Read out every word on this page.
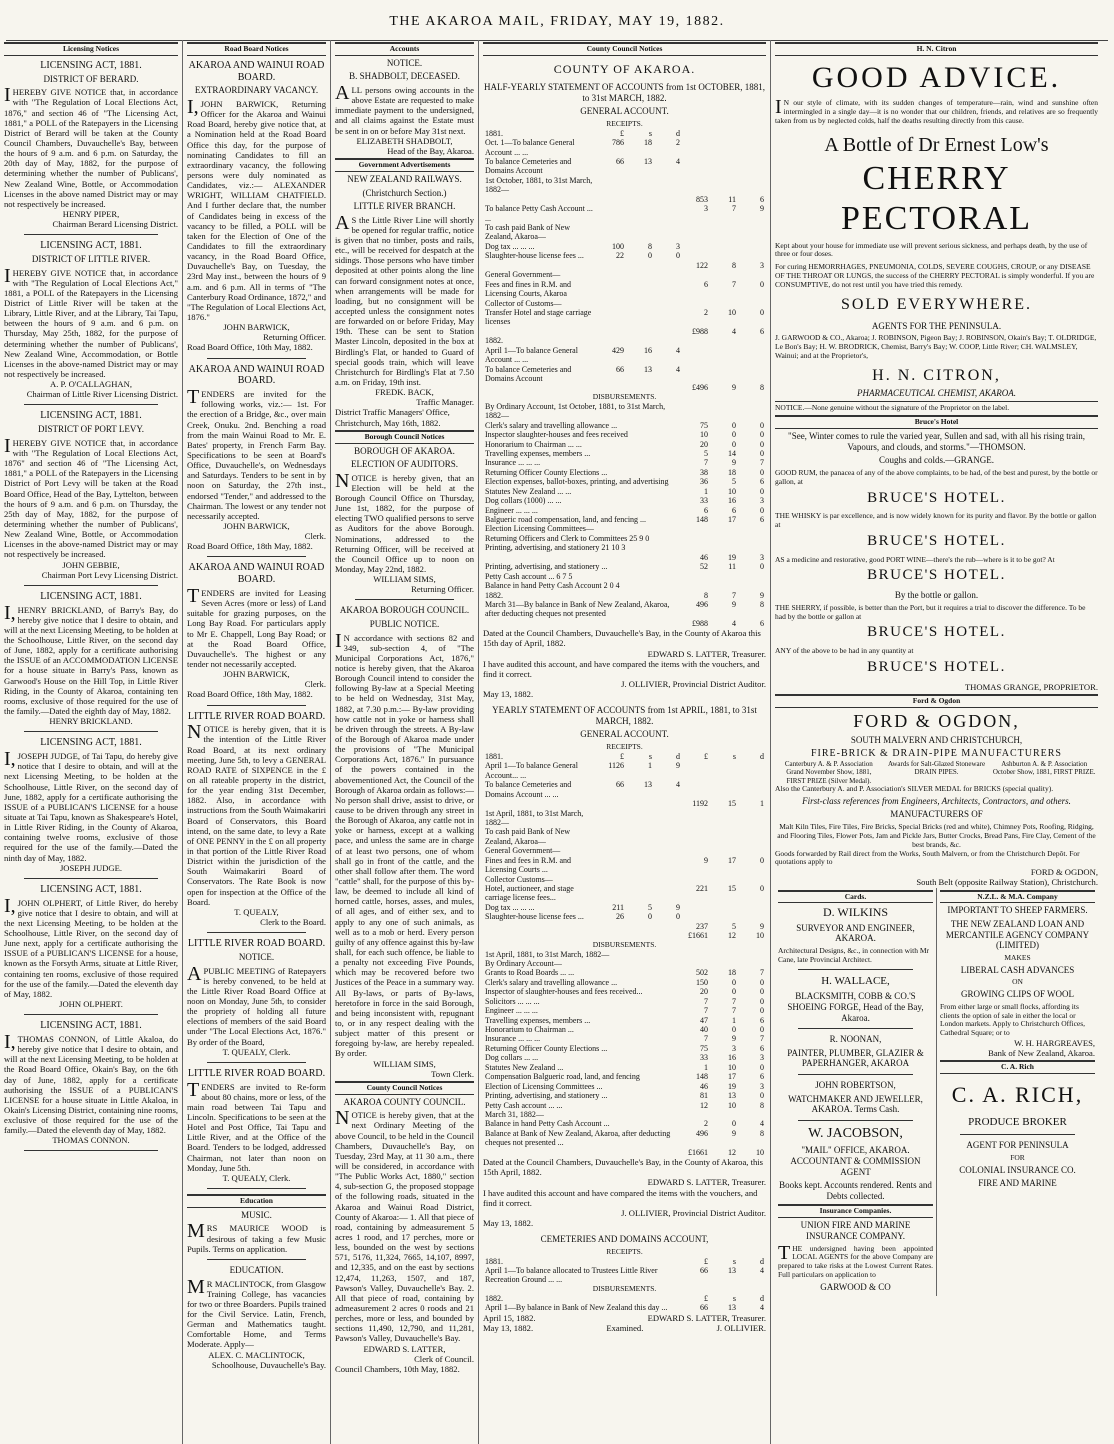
THE AKAROA MAIL, FRIDAY, MAY 19, 1882.
Licensing Notices
LICENSING ACT, 1881.
DISTRICT OF BERARD.
IHEREBY GIVE NOTICE that, in accordance with "The Regulation of Local Elections Act, 1876," and section 46 of "The Licensing Act, 1881," a POLL of the Ratepayers in the Licensing District of Berard will be taken at the County Council Chambers, Duvauchelle's Bay, between the hours of 9 a.m. and 6 p.m. on Saturday, the 20th day of May, 1882, for the purpose of determining whether the number of Publicans', New Zealand Wine, Bottle, or Accommodation Licenses in the above named District may or may not respectively be increased.
HENRY PIPER,
Chairman Berard Licensing District.
LICENSING ACT, 1881.
DISTRICT OF LITTLE RIVER.
IHEREBY GIVE NOTICE that, in accordance with "The Regulation of Local Elections Act," 1881, a POLL of the Ratepayers in the Licensing District of Little River will be taken at the Library, Little River, and at the Library, Tai Tapu, between the hours of 9 a.m. and 6 p.m. on Thursday, May 25th, 1882, for the purpose of determining whether the number of Publicans', New Zealand Wine, Accommodation, or Bottle Licenses in the above-named District may or may not respectively be increased.
A. P. O'CALLAGHAN,
Chairman of Little River Licensing District.
LICENSING ACT, 1881.
DISTRICT OF PORT LEVY.
IHEREBY GIVE NOTICE that, in accordance with "The Regulation of Local Elections Act, 1876" and section 46 of "The Licensing Act, 1881," a POLL of the Ratepayers in the Licensing District of Port Levy will be taken at the Road Board Office, Head of the Bay, Lyttelton, between the hours of 9 a.m. and 6 p.m. on Thursday, the 25th day of May, 1882, for the purpose of determining whether the number of Publicans', New Zealand Wine, Bottle, or Accommodation Licenses in the above-named District may or may not respectively be increased.
JOHN GEBBIE,
Chairman Port Levy Licensing District.
LICENSING ACT, 1881.
I,HENRY BRICKLAND, of Barry's Bay, do hereby give notice that I desire to obtain, and will at the next Licensing Meeting, to be holden at the Schoolhouse, Little River, on the second day of June, 1882, apply for a certificate authorising the ISSUE of an ACCOMMODATION LICENSE for a house situate in Barry's Pass, known as Garwood's House on the Hill Top, in Little River Riding, in the County of Akaroa, containing ten rooms, exclusive of those required for the use of the family.—Dated the eighth day of May, 1882.
HENRY BRICKLAND.
LICENSING ACT, 1881.
I,JOSEPH JUDGE, of Tai Tapu, do hereby give notice that I desire to obtain, and will at the next Licensing Meeting, to be holden at the Schoolhouse, Little River, on the second day of June, 1882, apply for a certificate authorising the ISSUE of a PUBLICAN'S LICENSE for a house situate at Tai Tapu, known as Shakespeare's Hotel, in Little River Riding, in the County of Akaroa, containing twelve rooms, exclusive of those required for the use of the family.—Dated the ninth day of May, 1882.
JOSEPH JUDGE.
LICENSING ACT, 1881.
I,JOHN OLPHERT, of Little River, do hereby give notice that I desire to obtain, and will at the next Licensing Meeting, to be holden at the Schoolhouse, Little River, on the second day of June next, apply for a certificate authorising the ISSUE of a PUBLICAN'S LICENSE for a house, known as the Forsyth Arms, situate at Little River, containing ten rooms, exclusive of those required for the use of the family.—Dated the eleventh day of May, 1882.
JOHN OLPHERT.
LICENSING ACT, 1881.
I,THOMAS CONNON, of Little Akaloa, do hereby give notice that I desire to obtain, and will at the next Licensing Meeting, to be holden at the Road Board Office, Okain's Bay, on the 6th day of June, 1882, apply for a certificate authorising the ISSUE of a PUBLICAN'S LICENSE for a house situate in Little Akaloa, in Okain's Licensing District, containing nine rooms, exclusive of those required for the use of the family.—Dated the eleventh day of May, 1882.
THOMAS CONNON.
Road Board Notices
AKAROA AND WAINUI ROAD BOARD.
EXTRAORDINARY VACANCY.
I,JOHN BARWICK, Returning Officer for the Akaroa and Wainui Road Board, hereby give notice that, at a Nomination held at the Road Board Office this day, for the purpose of nominating Candidates to fill an extraordinary vacancy, the following persons were duly nominated as Candidates, viz.:— ALEXANDER WRIGHT, WILLIAM CHATFIELD. And I further declare that, the number of Candidates being in excess of the vacancy to be filled, a POLL will be taken for the Election of One of the Candidates to fill the extraordinary vacancy, in the Road Board Office, Duvauchelle's Bay, on Tuesday, the 23rd May inst., between the hours of 9 a.m. and 6 p.m. All in terms of "The Canterbury Road Ordinance, 1872," and "The Regulation of Local Elections Act, 1876."
JOHN BARWICK,
Returning Officer.
Road Board Office, 10th May, 1882.
AKAROA AND WAINUI ROAD BOARD.
TENDERS are invited for the following works, viz.:— 1st. For the erection of a Bridge, &c., over main Creek, Onuku. 2nd. Benching a road from the main Wainui Road to Mr. E. Bates' property, in French Farm Bay. Specifications to be seen at Board's Office, Duvauchelle's, on Wednesdays and Saturdays. Tenders to be sent in by noon on Saturday, the 27th inst., endorsed "Tender," and addressed to the Chairman. The lowest or any tender not necessarily accepted.
JOHN BARWICK,
Clerk.
Road Board Office, 18th May, 1882.
AKAROA AND WAINUI ROAD BOARD.
TENDERS are invited for Leasing Seven Acres (more or less) of Land suitable for grazing purposes, on the Long Bay Road. For particulars apply to Mr E. Chappell, Long Bay Road; or at the Road Board Office, Duvauchelle's. The highest or any tender not necessarily accepted.
JOHN BARWICK,
Clerk.
Road Board Office, 18th May, 1882.
LITTLE RIVER ROAD BOARD.
NOTICE is hereby given, that it is the intention of the Little River Road Board, at its next ordinary meeting, June 5th, to levy a GENERAL ROAD RATE of SIXPENCE in the £ on all rateable property in the district, for the year ending 31st December, 1882. Also, in accordance with instructions from the South Waimakariri Board of Conservators, this Board intend, on the same date, to levy a Rate of ONE PENNY in the £ on all property in that portion of the Little River Road District within the jurisdiction of the South Waimakariri Board of Conservators. The Rate Book is now open for inspection at the Office of the Board.
T. QUEALY,
Clerk to the Board.
LITTLE RIVER ROAD BOARD.
NOTICE.
APUBLIC MEETING of Ratepayers is hereby convened, to be held at the Little River Road Board Office at noon on Monday, June 5th, to consider the propriety of holding all future elections of members of the said Board under "The Local Elections Act, 1876." By order of the Board,
T. QUEALY, Clerk.
LITTLE RIVER ROAD BOARD.
TENDERS are invited to Re-form about 80 chains, more or less, of the main road between Tai Tapu and Lincoln. Specifications to be seen at the Hotel and Post Office, Tai Tapu and Little River, and at the Office of the Board. Tenders to be lodged, addressed Chairman, not later than noon on Monday, June 5th.
T. QUEALY, Clerk.
Education
MUSIC.
MRS MAURICE WOOD is desirous of taking a few Music Pupils. Terms on application.
EDUCATION.
MR MACLINTOCK, from Glasgow Training College, has vacancies for two or three Boarders. Pupils trained for the Civil Service. Latin, French, German and Mathematics taught. Comfortable Home, and Terms Moderate. Apply—
ALEX. C. MACLINTOCK,
Schoolhouse, Duvauchelle's Bay.
Accounts
NOTICE.
B. SHADBOLT, DECEASED.
ALL persons owing accounts in the above Estate are requested to make immediate payment to the undersigned, and all claims against the Estate must be sent in on or before May 31st next.
ELIZABETH SHADBOLT,
Head of the Bay, Akaroa.
Government Advertisements
NEW ZEALAND RAILWAYS.
(Christchurch Section.)
LITTLE RIVER BRANCH.
AS the Little River Line will shortly be opened for regular traffic, notice is given that no timber, posts and rails, etc., will be received for despatch at the sidings. Those persons who have timber deposited at other points along the line can forward consignment notes at once, when arrangements will be made for loading, but no consignment will be accepted unless the consignment notes are forwarded on or before Friday, May 19th. These can be sent to Station Master Lincoln, deposited in the box at Birdling's Flat, or handed to Guard of special goods train, which will leave Christchurch for Birdling's Flat at 7.50 a.m. on Friday, 19th inst.
FREDK. BACK,
Traffic Manager.
District Traffic Managers' Office, Christchurch, May 16th, 1882.
Borough Council Notices
BOROUGH OF AKAROA.
ELECTION OF AUDITORS.
NOTICE is hereby given, that an Election will be held at the Borough Council Office on Thursday, June 1st, 1882, for the purpose of electing TWO qualified persons to serve as Auditors for the above Borough. Nominations, addressed to the Returning Officer, will be received at the Council Office up to noon on Monday, May 22nd, 1882.
WILLIAM SIMS,
Returning Officer.
AKAROA BOROUGH COUNCIL.
PUBLIC NOTICE.
IN accordance with sections 82 and 349, sub-section 4, of "The Municipal Corporations Act, 1876," notice is hereby given, that the Akaroa Borough Council intend to consider the following By-law at a Special Meeting to be held on Wednesday, 31st May, 1882, at 7.30 p.m.:— By-law providing how cattle not in yoke or harness shall be driven through the streets. A By-law of the Borough of Akaroa made under the provisions of "The Municipal Corporations Act, 1876." In pursuance of the powers contained in the abovementioned Act, the Council of the Borough of Akaroa ordain as follows:— No person shall drive, assist to drive, or cause to be driven through any street in the Borough of Akaroa, any cattle not in yoke or harness, except at a walking pace, and unless the same are in charge of at least two persons, one of whom shall go in front of the cattle, and the other shall follow after them. The word "cattle" shall, for the purpose of this by-law, be deemed to include all kind of horned cattle, horses, asses, and mules, of all ages, and of either sex, and to apply to any one of such animals, as well as to a mob or herd. Every person guilty of any offence against this by-law shall, for each such offence, be liable to a penalty not exceeding Five Pounds, which may be recovered before two Justices of the Peace in a summary way. All By-laws, or parts of By-laws, heretofore in force in the said Borough, and being inconsistent with, repugnant to, or in any respect dealing with the subject matter of this present or foregoing by-law, are hereby repealed. By order.
WILLIAM SIMS,
Town Clerk.
County Council Notices
AKAROA COUNTY COUNCIL.
NOTICE is hereby given, that at the next Ordinary Meeting of the above Council, to be held in the Council Chambers, Duvauchelle's Bay, on Tuesday, 23rd May, at 11 30 a.m., there will be considered, in accordance with "The Public Works Act, 1880," section 4, sub-section G, the proposed stoppage of the following roads, situated in the Akaroa and Wainui Road District, County of Akaroa:— 1. All that piece of road, containing by admeasurement 5 acres 1 rood, and 17 perches, more or less, bounded on the west by sections 571, 5176, 11,324, 7665, 14,107, 8997, and 12,335, and on the east by sections 12,474, 11,263, 1507, and 187, Pawson's Valley, Duvauchelle's Bay. 2. All that piece of road, containing by admeasurement 2 acres 0 roods and 21 perches, more or less, and bounded by sections 11,490, 12,790, and 11,281, Pawson's Valley, Duvauchelle's Bay.
EDWARD S. LATTER,
Clerk of Council.
Council Chambers, 10th May, 1882.
County Council Notices
COUNTY OF AKAROA.
HALF-YEARLY STATEMENT OF ACCOUNTS from 1st OCTOBER, 1881, to 31st MARCH, 1882.
GENERAL ACCOUNT.
RECEIPTS.
1881.	£	s	d			
Oct. 1—To balance General Account ... ...	786	18	2			
To balance Cemeteries and Domains Account	66	13	4			
1st October, 1881, to 31st March, 1882—						
				853	11	6
To balance Petty Cash Account ... ...				3	7	9
To cash paid Bank of New Zealand, Akaroa—						
Dog tax ... ... ...	100	8	3			
Slaughter-house license fees ...	22	0	0			
				122	8	3
General Government—						
Fees and fines in R.M. and Licensing Courts, Akaroa				6	7	0
Collector of Customs—						
Transfer Hotel and stage carriage licenses				2	10	0
				£988	4	6
1882.						
April 1—To balance General Account ... ...	429	16	4			
To balance Cemeteries and Domains Account	66	13	4			
				£496	9	8
DISBURSEMENTS.
By Ordinary Account, 1st October, 1881, to 31st March, 1882—			
Clerk's salary and travelling allowance ...	75	0	0
Inspector slaughter-houses and fees received	10	0	0
Honorarium to Chairman ... ...	20	0	0
Travelling expenses, members ...	5	14	0
Insurance ... ... ...	7	9	7
Returning Officer County Elections ...	38	18	0
Election expenses, ballot-boxes, printing, and advertising	36	5	6
Statutes New Zealand ... ...	1	10	0
Dog collars (1000) ... ...	33	16	3
Engineer ... ... ...	6	6	0
Balgueric road compensation, land, and fencing ...	148	17	6
Election Licensing Committees—			
Returning Officers and Clerk to Committees 25 9 0			
Printing, advertising, and stationery 21 10 3			
	46	19	3
Printing, advertising, and stationery ...	52	11	0
Petty Cash account ... 6 7 5			
Balance in hand Petty Cash Account 2 0 4			
1882.	8	7	9
March 31—By balance in Bank of New Zealand, Akaroa, after deducting cheques not presented	496	9	8
	£988	4	6
Dated at the Council Chambers, Duvauchelle's Bay, in the County of Akaroa this 15th day of April, 1882.
EDWARD S. LATTER, Treasurer.
I have audited this account, and have compared the items with the vouchers, and find it correct.
J. OLLIVIER, Provincial District Auditor.
May 13, 1882.
YEARLY STATEMENT OF ACCOUNTS from 1st APRIL, 1881, to 31st MARCH, 1882.
GENERAL ACCOUNT.
RECEIPTS.
1881.	£	s	d	£	s	d
April 1—To balance General Account... ...	1126	1	9			
To balance Cemeteries and Domains Account ... ...	66	13	4			
				1192	15	1
1st April, 1881, to 31st March, 1882—						
To cash paid Bank of New Zealand, Akaroa—						
General Government—						
Fines and fees in R.M. and Licensing Courts ...				9	17	0
Collector Customs—						
Hotel, auctioneer, and stage carriage license fees...				221	15	0
Dog tax ... ... ...	211	5	9			
Slaughter-house license fees ...	26	0	0			
				237	5	9
				£1661	12	10
DISBURSEMENTS.
1st April, 1881, to 31st March, 1882—			
By Ordinary Account—			
Grants to Road Boards ... ...	502	18	7
Clerk's salary and travelling allowance ...	150	0	0
Inspector of slaughter-houses and fees received...	20	0	0
Solicitors ... ... ...	7	7	0
Engineer ... ... ...	7	7	0
Travelling expenses, members ...	47	1	6
Honorarium to Chairman ...	40	0	0
Insurance ... ... ...	7	9	7
Returning Officer County Elections ...	75	3	6
Dog collars ... ...	33	16	3
Statutes New Zealand ...	1	10	0
Compensation Balgueric road, land, and fencing	148	17	6
Election of Licensing Committees ...	46	19	3
Printing, advertising, and stationery ...	81	13	0
Petty Cash account ... ...	12	10	8
March 31, 1882—			
Balance in hand Petty Cash Account ...	2	0	4
Balance at Bank of New Zealand, Akaroa, after deducting cheques not presented ...	496	9	8
	£1661	12	10
Dated at the Council Chambers, Duvauchelle's Bay, in the County of Akaroa, this 15th April, 1882.
EDWARD S. LATTER, Treasurer.
I have audited this account and have compared the items with the vouchers, and find it correct.
J. OLLIVIER, Provincial District Auditor.
May 13, 1882.
CEMETERIES AND DOMAINS ACCOUNT,
RECEIPTS.
1881.	£	s	d
April 1—To balance allocated to Trustees Little River Recreation Ground ... ...	66	13	4
DISBURSEMENTS.
1882.	£	s	d
April 1—By balance in Bank of New Zealand this day ...	66	13	4
April 15, 1882.	EDWARD S. LATTER, Treasurer.
May 13, 1882.	Examined.	J. OLLIVIER.
H. N. Citron
GOOD ADVICE.
IN our style of climate, with its sudden changes of temperature—rain, wind and sunshine often intermingled in a single day—it is no wonder that our children, friends, and relatives are so frequently taken from us by neglected colds, half the deaths resulting directly from this cause.
A Bottle of Dr Ernest Low's
CHERRY PECTORAL
Kept about your house for immediate use will prevent serious sickness, and perhaps death, by the use of three or four doses.
For curing HEMORRHAGES, PNEUMONIA, COLDS, SEVERE COUGHS, CROUP, or any DISEASE OF THE THROAT OR LUNGS, the success of the CHERRY PECTORAL is simply wonderful. If you are CONSUMPTIVE, do not rest until you have tried this remedy.
SOLD EVERYWHERE.
AGENTS FOR THE PENINSULA.
J. GARWOOD & CO., Akaroa; J. ROBINSON, Pigeon Bay; J. ROBINSON, Okain's Bay; T. OLDRIDGE, Le Bon's Bay; H. W. BRODRICK, Chemist, Barry's Bay; W. COOP, Little River; CH. WALMSLEY, Wainui; and at the Proprietor's,
H. N. CITRON,
PHARMACEUTICAL CHEMIST, AKAROA.
NOTICE.—None genuine without the signature of the Proprietor on the label.
Bruce's Hotel
"See, Winter comes to rule the varied year, Sullen and sad, with all his rising train, Vapours, and clouds, and storms."—THOMSON.
Coughs and colds.—GRANGE.
GOOD RUM, the panacea of any of the above complaints, to be had, of the best and purest, by the bottle or gallon, at
BRUCE'S HOTEL.
THE WHISKY is par excellence, and is now widely known for its purity and flavor. By the bottle or gallon at
BRUCE'S HOTEL.
AS a medicine and restorative, good PORT WINE—there's the rub—where is it to be got? At
BRUCE'S HOTEL.
By the bottle or gallon.
THE SHERRY, if possible, is better than the Port, but it requires a trial to discover the difference. To be had by the bottle or gallon at
BRUCE'S HOTEL.
ANY of the above to be had in any quantity at
BRUCE'S HOTEL.
THOMAS GRANGE, PROPRIETOR.
Ford & Ogdon
FORD & OGDON,
SOUTH MALVERN AND CHRISTCHURCH,
FIRE-BRICK & DRAIN-PIPE MANUFACTURERS
Canterbury A. & P. Association Grand November Show, 1881, FIRST PRIZE (Silver Medal).
Awards for Salt-Glazed Stoneware DRAIN PIPES.
Ashburton A. & P. Association October Show, 1881, FIRST PRIZE.
Also the Canterbury A. and P. Association's SILVER MEDAL for BRICKS (special quality).
First-class references from Engineers, Architects, Contractors, and others.
MANUFACTURERS OF
Malt Kiln Tiles, Fire Tiles, Fire Bricks, Special Bricks (red and white), Chimney Pots, Roofing, Ridging, and Flooring Tiles, Flower Pots, Jam and Pickle Jars, Butter Crocks, Bread Pans, Fire Clay, Cement of the best brands, &c.
Goods forwarded by Rail direct from the Works, South Malvern, or from the Christchurch Depôt. For quotations apply to
FORD & OGDON,
South Belt (opposite Railway Station), Christchurch.
Cards.
D. WILKINS
SURVEYOR AND ENGINEER, AKAROA.
Architectural Designs, &c., in connection with Mr Cane, late Provincial Architect.
H. WALLACE,
BLACKSMITH, COBB & CO.'S SHOEING FORGE, Head of the Bay, Akaroa.
R. NOONAN,
PAINTER, PLUMBER, GLAZIER & PAPERHANGER, AKAROA
JOHN ROBERTSON,
WATCHMAKER AND JEWELLER, AKAROA. Terms Cash.
W. JACOBSON,
"MAIL" OFFICE, AKAROA. ACCOUNTANT & COMMISSION AGENT
Books kept. Accounts rendered. Rents and Debts collected.
Insurance Companies.
UNION FIRE AND MARINE INSURANCE COMPANY.
THE undersigned having been appointed LOCAL AGENTS for the above Company are prepared to take risks at the Lowest Current Rates. Full particulars on application to
GARWOOD & CO
N.Z.L. & M.A. Company
IMPORTANT TO SHEEP FARMERS.
THE NEW ZEALAND LOAN AND MERCANTILE AGENCY COMPANY (LIMITED)
MAKES
LIBERAL CASH ADVANCES
ON
GROWING CLIPS OF WOOL
From either large or small flocks, affording its clients the option of sale in either the local or London markets. Apply to Christchurch Offices, Cathedral Square; or to
W. H. HARGREAVES,
Bank of New Zealand, Akaroa.
C. A. Rich
C. A. RICH,
PRODUCE BROKER
AGENT FOR PENINSULA
FOR
COLONIAL INSURANCE CO.
FIRE AND MARINE
